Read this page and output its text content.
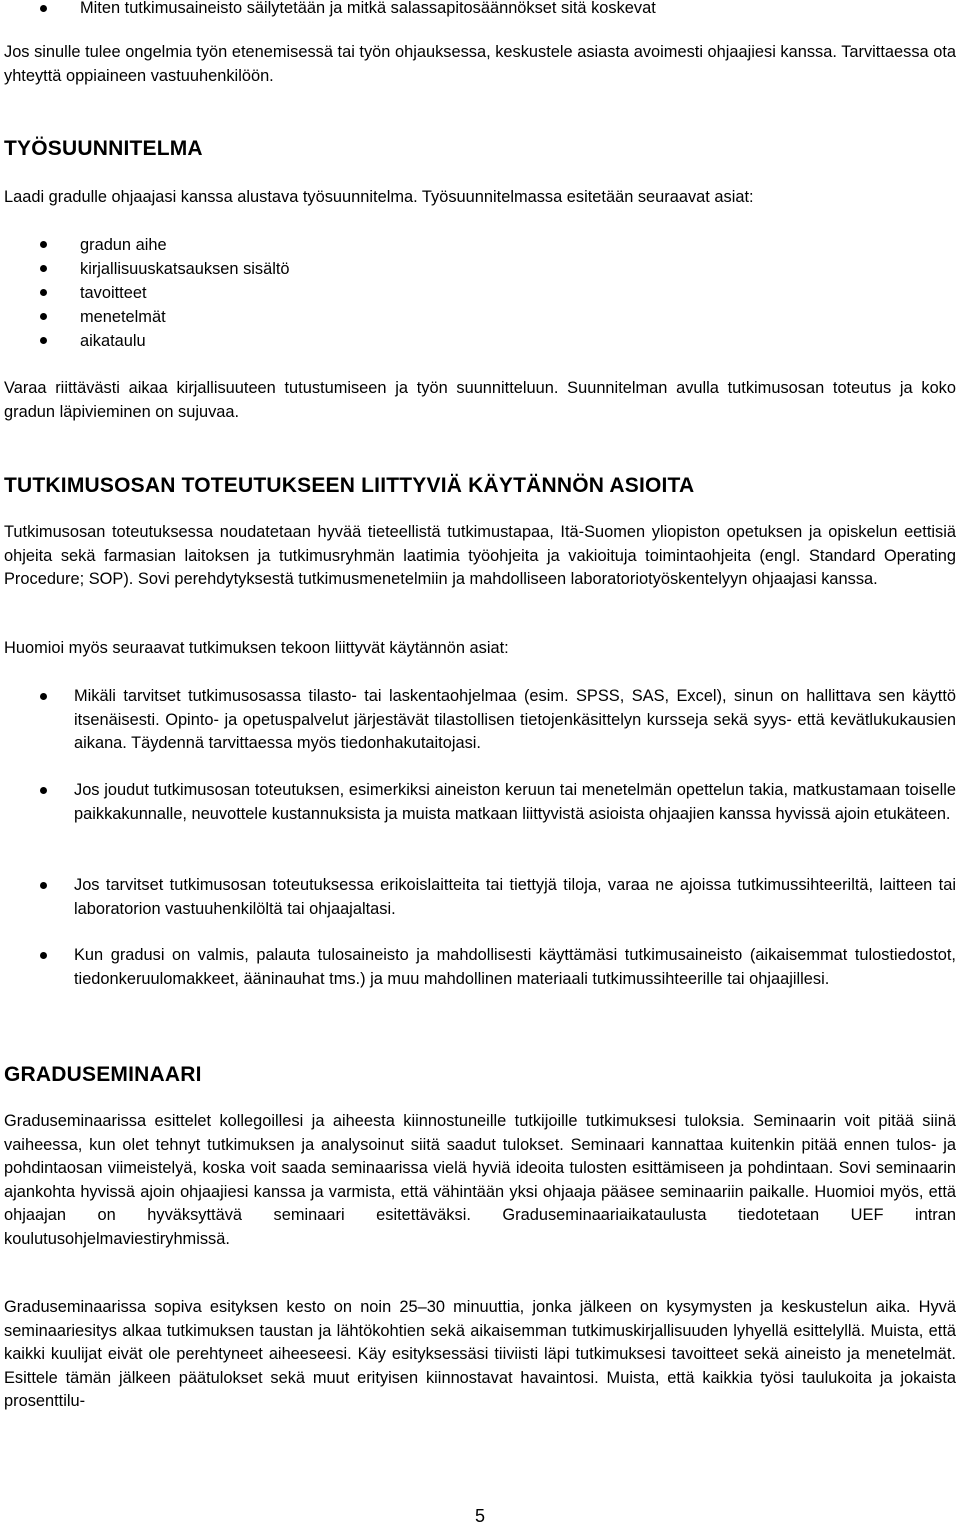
Miten tutkimusaineisto säilytetään ja mitkä salassapitosäännökset sitä koskevat

Jos sinulle tulee ongelmia työn etenemisessä tai työn ohjauksessa, keskustele asiasta avoimesti ohjaajiesi kanssa. Tarvittaessa ota yhteyttä oppiaineen vastuuhenkilöön.

TYÖSUUNNITELMA

Laadi gradulle ohjaajasi kanssa alustava työsuunnitelma. Työsuunnitelmassa esitetään seuraavat asiat:

gradun aihe
kirjallisuuskatsauksen sisältö
tavoitteet
menetelmät
aikataulu

Varaa riittävästi aikaa kirjallisuuteen tutustumiseen ja työn suunnitteluun. Suunnitelman avulla tutkimusosan toteutus ja koko gradun läpivieminen on sujuvaa.

TUTKIMUSOSAN TOTEUTUKSEEN LIITTYVIÄ KÄYTÄNNÖN ASIOITA

Tutkimusosan toteutuksessa noudatetaan hyvää tieteellistä tutkimustapaa, Itä-Suomen yliopiston opetuksen ja opiskelun eettisiä ohjeita sekä farmasian laitoksen ja tutkimusryhmän laatimia työohjeita ja vakioituja toimintaohjeita (engl. Standard Operating Procedure; SOP). Sovi perehdytyksestä tutkimusmenetelmiin ja mahdolliseen laboratoriotyöskentelyyn ohjaajasi kanssa.

Huomioi myös seuraavat tutkimuksen tekoon liittyvät käytännön asiat:

Mikäli tarvitset tutkimusosassa tilasto- tai laskentaohjelmaa (esim. SPSS, SAS, Excel), sinun on hallittava sen käyttö itsenäisesti. Opinto- ja opetuspalvelut järjestävät tilastollisen tietojenkäsittelyn kursseja sekä syys- että kevätlukukausien aikana. Täydennä tarvittaessa myös tiedonhakutaitojasi.
Jos joudut tutkimusosan toteutuksen, esimerkiksi aineiston keruun tai menetelmän opettelun takia, matkustamaan toiselle paikkakunnalle, neuvottele kustannuksista ja muista matkaan liittyvistä asioista ohjaajien kanssa hyvissä ajoin etukäteen.
Jos tarvitset tutkimusosan toteutuksessa erikoislaitteita tai tiettyjä tiloja, varaa ne ajoissa tutkimussihteeriltä, laitteen tai laboratorion vastuuhenkilöltä tai ohjaajaltasi.
Kun gradusi on valmis, palauta tulosaineisto ja mahdollisesti käyttämäsi tutkimusaineisto (aikaisemmat tulostiedostot, tiedonkeruulomakkeet, ääninauhat tms.) ja muu mahdollinen materiaali tutkimussihteerille tai ohjaajillesi.
GRADUSEMINAARI

Graduseminaarissa esittelet kollegoillesi ja aiheesta kiinnostuneille tutkijoille tutkimuksesi tuloksia. Seminaarin voit pitää siinä vaiheessa, kun olet tehnyt tutkimuksen ja analysoinut siitä saadut tulokset. Seminaari kannattaa kuitenkin pitää ennen tulos- ja pohdintaosan viimeistelyä, koska voit saada seminaarissa vielä hyviä ideoita tulosten esittämiseen ja pohdintaan. Sovi seminaarin ajankohta hyvissä ajoin ohjaajiesi kanssa ja varmista, että vähintään yksi ohjaaja pääsee seminaariin paikalle. Huomioi myös, että ohjaajan on hyväksyttävä seminaari esitettäväksi. Graduseminaariaikataulusta tiedotetaan UEF intran koulutusohjelmaviestiryhmissä.

Graduseminaarissa sopiva esityksen kesto on noin 25–30 minuuttia, jonka jälkeen on kysymysten ja keskustelun aika. Hyvä seminaariesitys alkaa tutkimuksen taustan ja lähtökohtien sekä aikaisemman tutkimuskirjallisuuden lyhyellä esittelyllä. Muista, että kaikki kuulijat eivät ole perehtyneet aiheeseesi. Käy esityksessäsi tiiviisti läpi tutkimuksesi tavoitteet sekä aineisto ja menetelmät. Esittele tämän jälkeen päätulokset sekä muut erityisen kiinnostavat havaintosi. Muista, että kaikkia työsi taulukoita ja jokaista prosenttilu-

5
